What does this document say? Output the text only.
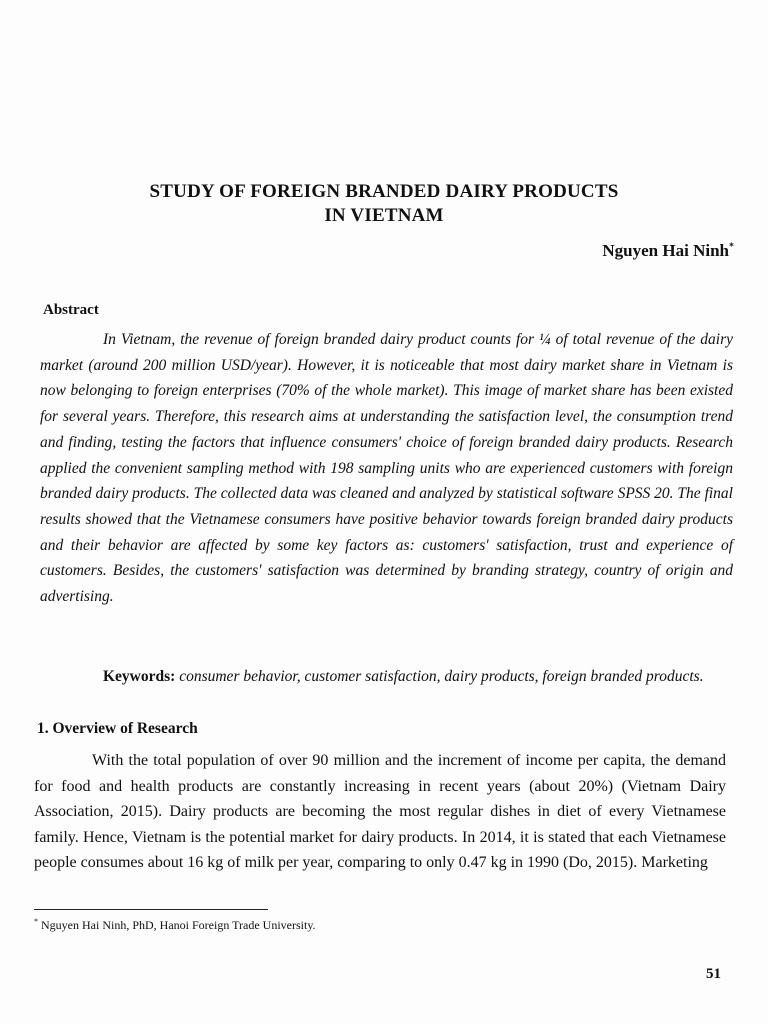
STUDY OF FOREIGN BRANDED DAIRY PRODUCTS
IN VIETNAM
Nguyen Hai Ninh*
Abstract

In Vietnam, the revenue of foreign branded dairy product counts for ¼ of total revenue of the dairy market (around 200 million USD/year). However, it is noticeable that most dairy market share in Vietnam is now belonging to foreign enterprises (70% of the whole market). This image of market share has been existed for several years. Therefore, this research aims at understanding the satisfaction level, the consumption trend and finding, testing the factors that influence consumers' choice of foreign branded dairy products. Research applied the convenient sampling method with 198 sampling units who are experienced customers with foreign branded dairy products. The collected data was cleaned and analyzed by statistical software SPSS 20. The final results showed that the Vietnamese consumers have positive behavior towards foreign branded dairy products and their behavior are affected by some key factors as: customers' satisfaction, trust and experience of customers. Besides, the customers' satisfaction was determined by branding strategy, country of origin and advertising.

Keywords: consumer behavior, customer satisfaction, dairy products, foreign branded products.

1. Overview of Research

With the total population of over 90 million and the increment of income per capita, the demand for food and health products are constantly increasing in recent years (about 20%) (Vietnam Dairy Association, 2015). Dairy products are becoming the most regular dishes in diet of every Vietnamese family. Hence, Vietnam is the potential market for dairy products. In 2014, it is stated that each Vietnamese people consumes about 16 kg of milk per year, comparing to only 0.47 kg in 1990 (Do, 2015). Marketing

* Nguyen Hai Ninh, PhD, Hanoi Foreign Trade University.
51
